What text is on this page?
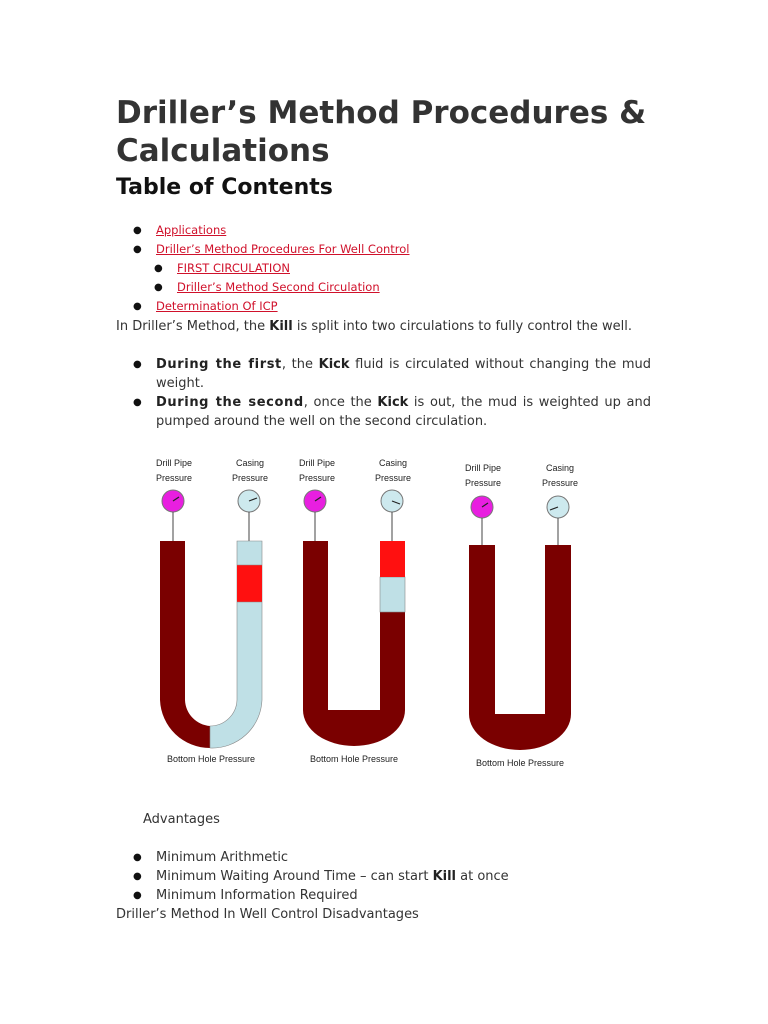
Driller’s Method Procedures & Calculations
Table of Contents
● Applications
● Driller’s Method Procedures For Well Control
● FIRST CIRCULATION
● Driller’s Method Second Circulation
● Determination Of ICP

In Driller’s Method, the Kill is split into two circulations to fully control the well.

● During the first, the Kick fluid is circulated without changing the mud weight.
● During the second, once the Kick is out, the mud is weighted up and pumped around the well on the second circulation.
Drill Pipe Pressure
Casing Pressure
Bottom Hole Pressure
Drill Pipe Pressure
Casing Pressure
Bottom Hole Pressure
Drill Pipe Pressure
Casing Pressure
Bottom Hole Pressure

Advantages

● Minimum Arithmetic
● Minimum Waiting Around Time – can start Kill at once
● Minimum Information Required

Driller’s Method In Well Control Disadvantages
